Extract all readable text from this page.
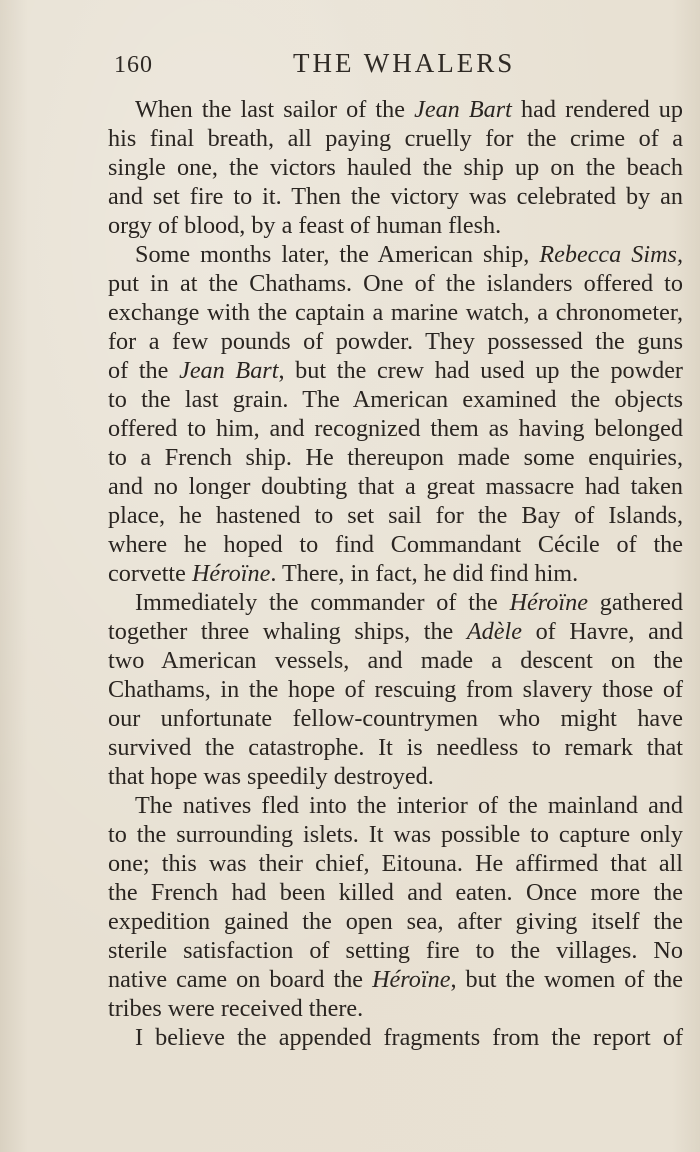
160	THE WHALERS
When the last sailor of the Jean Bart had rendered up
his final breath, all paying cruelly for the crime of a
single one, the victors hauled the ship up on the beach
and set fire to it. Then the victory was celebrated by an
orgy of blood, by a feast of human flesh.
Some months later, the American ship, Rebecca Sims,
put in at the Chathams. One of the islanders offered to
exchange with the captain a marine watch, a chronometer,
for a few pounds of powder. They possessed the guns
of the Jean Bart, but the crew had used up the powder
to the last grain. The American examined the objects
offered to him, and recognized them as having belonged
to a French ship. He thereupon made some enquiries,
and no longer doubting that a great massacre had taken
place, he hastened to set sail for the Bay of Islands,
where he hoped to find Commandant Cécile of the
corvette Héroïne. There, in fact, he did find him.
Immediately the commander of the Héroïne gathered
together three whaling ships, the Adèle of Havre, and
two American vessels, and made a descent on the
Chathams, in the hope of rescuing from slavery those of
our unfortunate fellow-countrymen who might have
survived the catastrophe. It is needless to remark that
that hope was speedily destroyed.
The natives fled into the interior of the mainland and
to the surrounding islets. It was possible to capture only
one; this was their chief, Eitouna. He affirmed that all
the French had been killed and eaten. Once more the
expedition gained the open sea, after giving itself the
sterile satisfaction of setting fire to the villages. No
native came on board the Héroïne, but the women of the
tribes were received there.
I believe the appended fragments from the report of
